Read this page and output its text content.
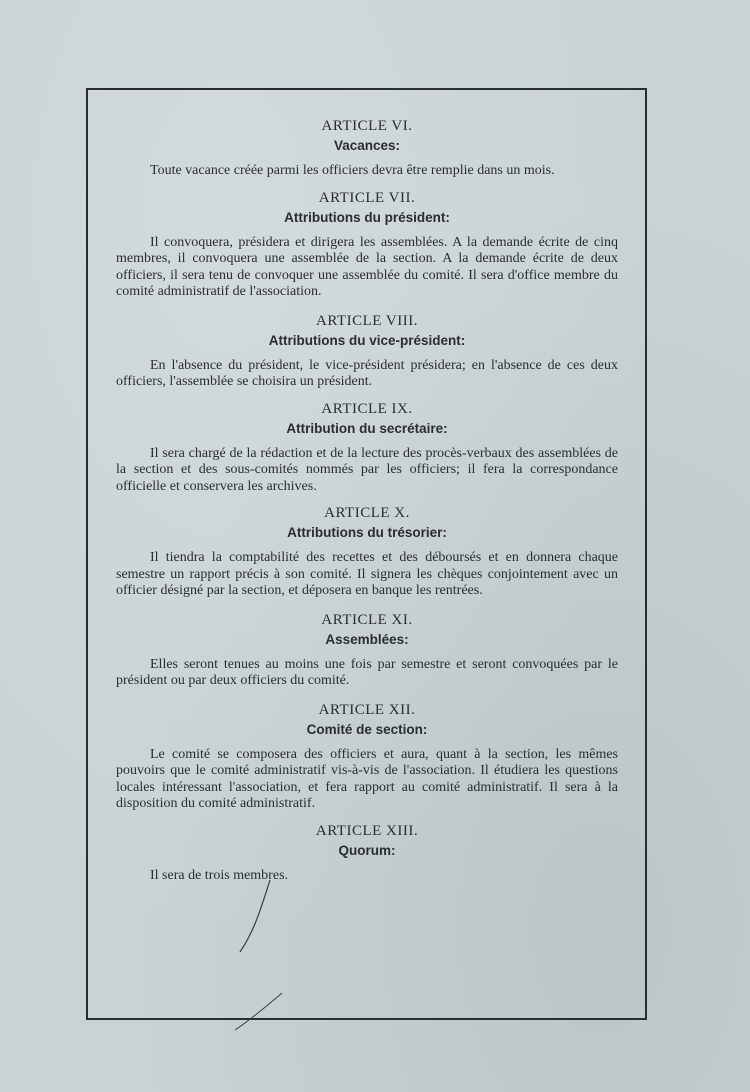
ARTICLE VI.

Vacances:

Toute vacance créée parmi les officiers devra être remplie dans un mois.

ARTICLE VII.

Attributions du président:

Il convoquera, présidera et dirigera les assemblées. A la demande écrite de cinq membres, il convoquera une assemblée de la section. A la demande écrite de deux officiers, il sera tenu de convoquer une assemblée du comité. Il sera d'office membre du comité administratif de l'association.

ARTICLE VIII.

Attributions du vice-président:

En l'absence du président, le vice-président présidera; en l'absence de ces deux officiers, l'assemblée se choisira un président.

ARTICLE IX.

Attribution du secrétaire:

Il sera chargé de la rédaction et de la lecture des procès-verbaux des assemblées de la section et des sous-comités nommés par les officiers; il fera la correspondance officielle et conservera les archives.

ARTICLE X.

Attributions du trésorier:

Il tiendra la comptabilité des recettes et des déboursés et en donnera chaque semestre un rapport précis à son comité. Il signera les chèques conjointement avec un officier désigné par la section, et déposera en banque les rentrées.

ARTICLE XI.

Assemblées:

Elles seront tenues au moins une fois par semestre et seront convoquées par le président ou par deux officiers du comité.

ARTICLE XII.

Comité de section:

Le comité se composera des officiers et aura, quant à la section, les mêmes pouvoirs que le comité administratif vis-à-vis de l'association. Il étudiera les questions locales intéressant l'association, et fera rapport au comité administratif. Il sera à la disposition du comité administratif.

ARTICLE XIII.

Quorum:

Il sera de trois membres.
